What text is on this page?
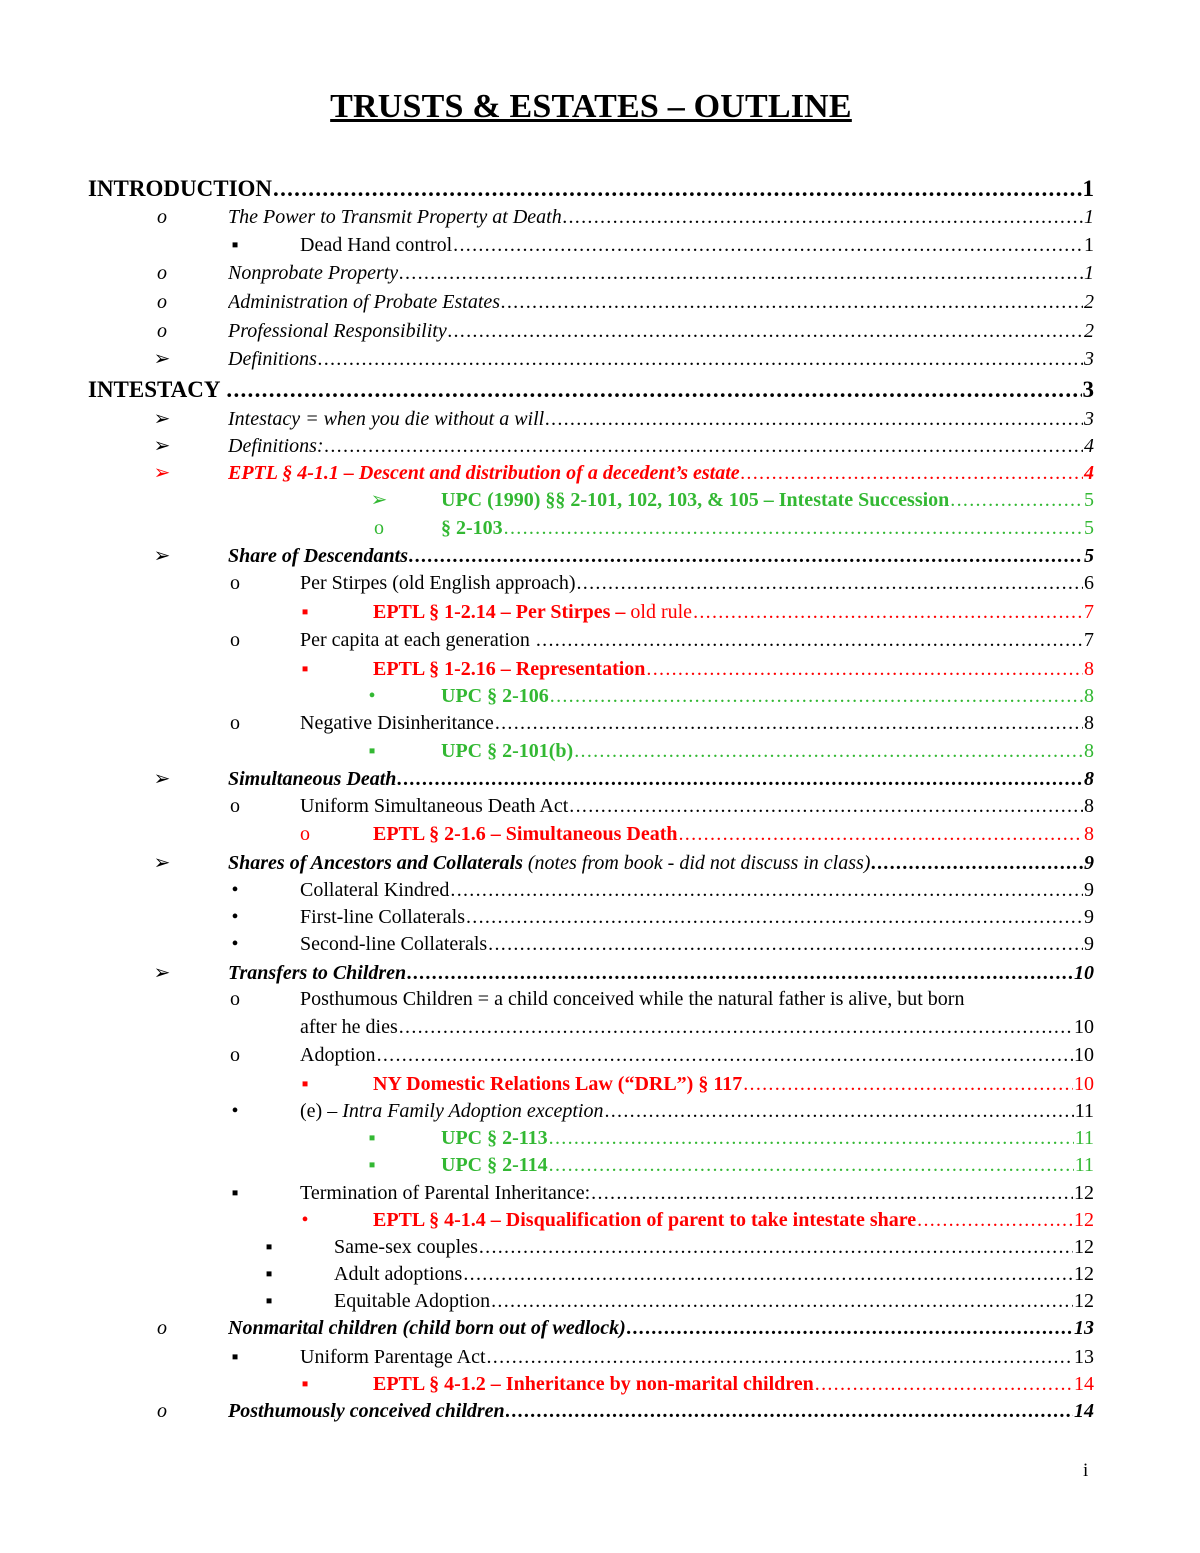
TRUSTS & ESTATES – OUTLINE
INTRODUCTION .....	1
o	The Power to Transmit Property at Death .....	1
▪	Dead Hand control .....	1
o	Nonprobate Property .....	1
o	Administration of Probate Estates .....	2
o	Professional Responsibility .....	2
➢	Definitions .....	3
INTESTACY .....	3
➢	Intestacy = when you die without a will .....	3
➢	Definitions: .....	4
➢	EPTL § 4-1.1 – Descent and distribution of a decedent’s estate .....	4
➢	UPC (1990) §§ 2-101, 102, 103, & 105 – Intestate Succession .....	5
o	§ 2-103 .....	5
➢	Share of Descendants .....	5
o	Per Stirpes (old English approach) .....	6
▪	EPTL § 1-2.14 – Per Stirpes – old rule .....	7
o	Per capita at each generation .....	7
▪	EPTL § 1-2.16 – Representation .....	8
•	UPC § 2-106 .....	8
o	Negative Disinheritance .....	8
▪	UPC § 2-101(b) .....	8
➢	Simultaneous Death .....	8
o	Uniform Simultaneous Death Act .....	8
o	EPTL § 2-1.6 – Simultaneous Death .....	8
➢	Shares of Ancestors and Collaterals (notes from book - did not discuss in class) .....	9
•	Collateral Kindred .....	9
•	First-line Collaterals .....	9
•	Second-line Collaterals .....	9
➢	Transfers to Children .....	10
o	Posthumous Children = a child conceived while the natural father is alive, but born
after he dies .....	10
o	Adoption .....	10
▪	NY Domestic Relations Law (“DRL”) § 117 .....	10
•	(e) – Intra Family Adoption exception .....	11
▪	UPC § 2-113 .....	11
▪	UPC § 2-114 .....	11
▪	Termination of Parental Inheritance: .....	12
•	EPTL § 4-1.4 – Disqualification of parent to take intestate share .....	12
▪	Same-sex couples .....	12
▪	Adult adoptions .....	12
▪	Equitable Adoption .....	12
o	Nonmarital children (child born out of wedlock) .....	13
▪	Uniform Parentage Act .....	13
▪	EPTL § 4-1.2 – Inheritance by non-marital children .....	14
o	Posthumously conceived children .....	14
i
